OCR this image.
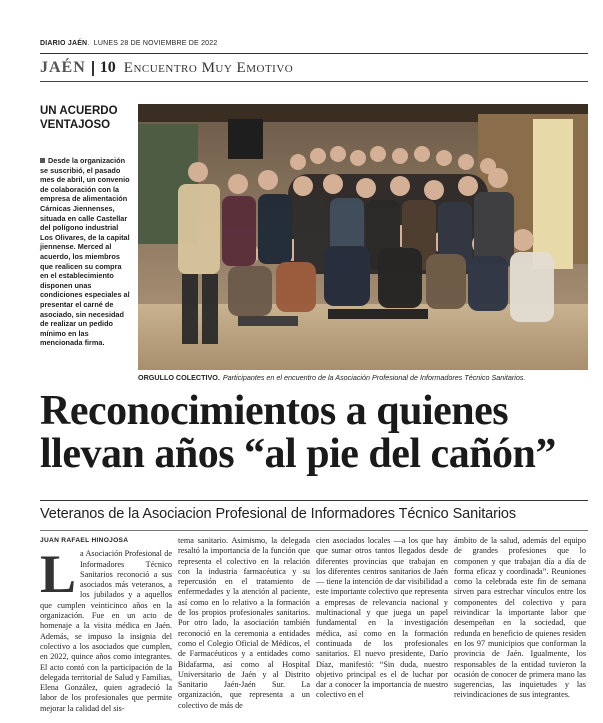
DIARIO JAÉN.  LUNES 28 DE NOVIEMBRE DE 2022
JAÉN 10 Encuentro Muy Emotivo
UN ACUERDO VENTAJOSO
Desde la organización se suscribió, el pasado mes de abril, un convenio de colaboración con la empresa de alimentación Cárnicas Jiennenses, situada en calle Castellar del polígono industrial Los Olivares, de la capital jiennense. Merced al acuerdo, los miembros que realicen su compra en el establecimiento disponen unas condiciones especiales al presentar el carné de asociado, sin necesidad de realizar un pedido mínimo en las mencionada firma.
ORGULLO COLECTIVO. Participantes en el encuentro de la Asociación Profesional de Informadores Técnico Sanitarios.
Reconocimientos a quienes llevan años “al pie del cañón”
Veteranos de la Asociacion Profesional de Informadores Técnico Sanitarios
JUAN RAFAEL HINOJOSA
L a Asociación Profesional de Informadores Técnico Sanitarios reconoció a sus asociados más veteranos, a los jubilados y a aquellos que cumplen veinticinco años en la organización. Fue en un acto de homenaje a la visita médica en Jaén. Además, se impuso la insignia del colectivo a los asociados que cumplen, en 2022, quince años como integrantes. El acto contó con la participación de la delegada territorial de Salud y Familias, Elena González, quien agradeció la labor de los profesionales que permite mejorar la calidad del sis-

tema sanitario. Asimismo, la delegada resaltó la importancia de la función que representa el colectivo en la relación con la industria farmacéutica y su repercusión en el tratamiento de enfermedades y la atención al paciente, así como en lo relativo a la formación de los propios profesionales sanitarios. Por otro lado, la asociación también reconoció en la ceremonia a entidades como el Colegio Oficial de Médicos, el de Farmacéuticos y a entidades como Bidafarma, así como al Hospital Universitario de Jaén y al Distrito Sanitario Jaén-Jaén Sur. La organización, que representa a un colectivo de más de

cien asociados locales —a los que hay que sumar otros tantos llegados desde diferentes provincias que trabajan en los diferentes centros sanitarios de Jaén— tiene la intención de dar visibilidad a este importante colectivo que representa a empresas de relevancia nacional y multinacional y que juega un papel fundamental en la investigación médica, así como en la formación continuada de los profesionales sanitarios. El nuevo presidente, Darío Díaz, manifestó: “Sin duda, nuestro objetivo principal es el de luchar por dar a conocer la importancia de nuestro colectivo en el

ámbito de la salud, además del equipo de grandes profesiones que lo componen y que trabajan día a día de forma eficaz y coordinada”. Reuniones como la celebrada este fin de semana sirven para estrechar vínculos entre los componentes del colectivo y para reivindicar la importante labor que desempeñan en la sociedad, que redunda en beneficio de quienes residen en los 97 municipios que conforman la provincia de Jaén. Igualmente, los responsables de la entidad tuvieron la ocasión de conocer de primera mano las sugerencias, las inquietudes y las reivindicaciones de sus integrantes.
